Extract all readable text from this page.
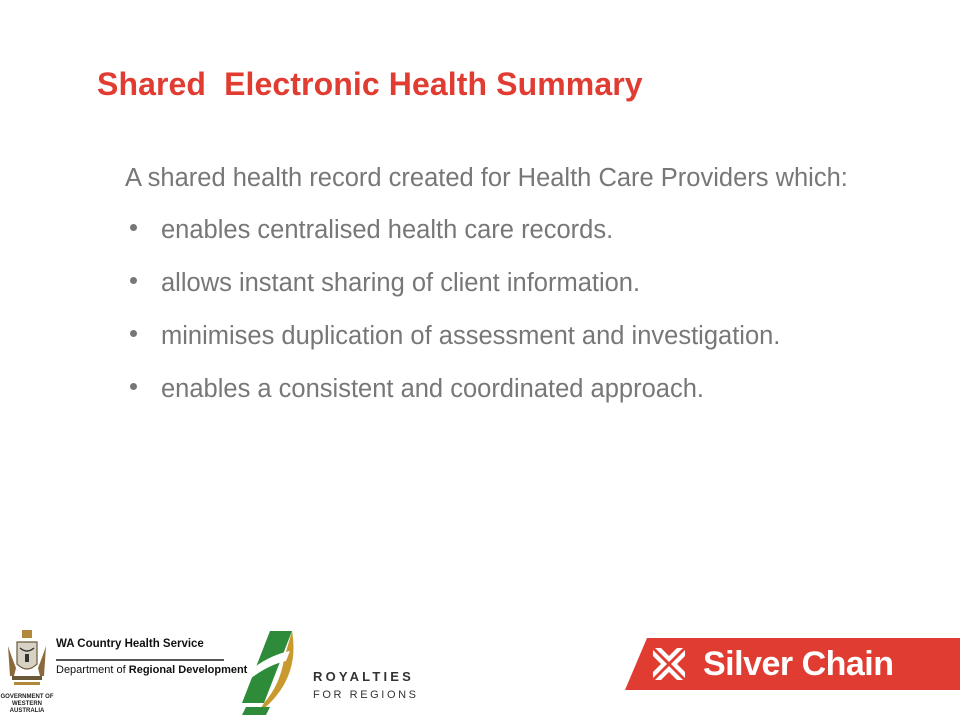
Shared  Electronic Health Summary

A shared health record created for Health Care Providers which:

enables centralised health care records.
allows instant sharing of client information.
minimises duplication of assessment and investigation.
enables a consistent and coordinated approach.
GOVERNMENT OF
WESTERN AUSTRALIA
WA Country Health Service
Department of Regional Development	ROYALTIES
FOR REGIONS
Silver Chain
